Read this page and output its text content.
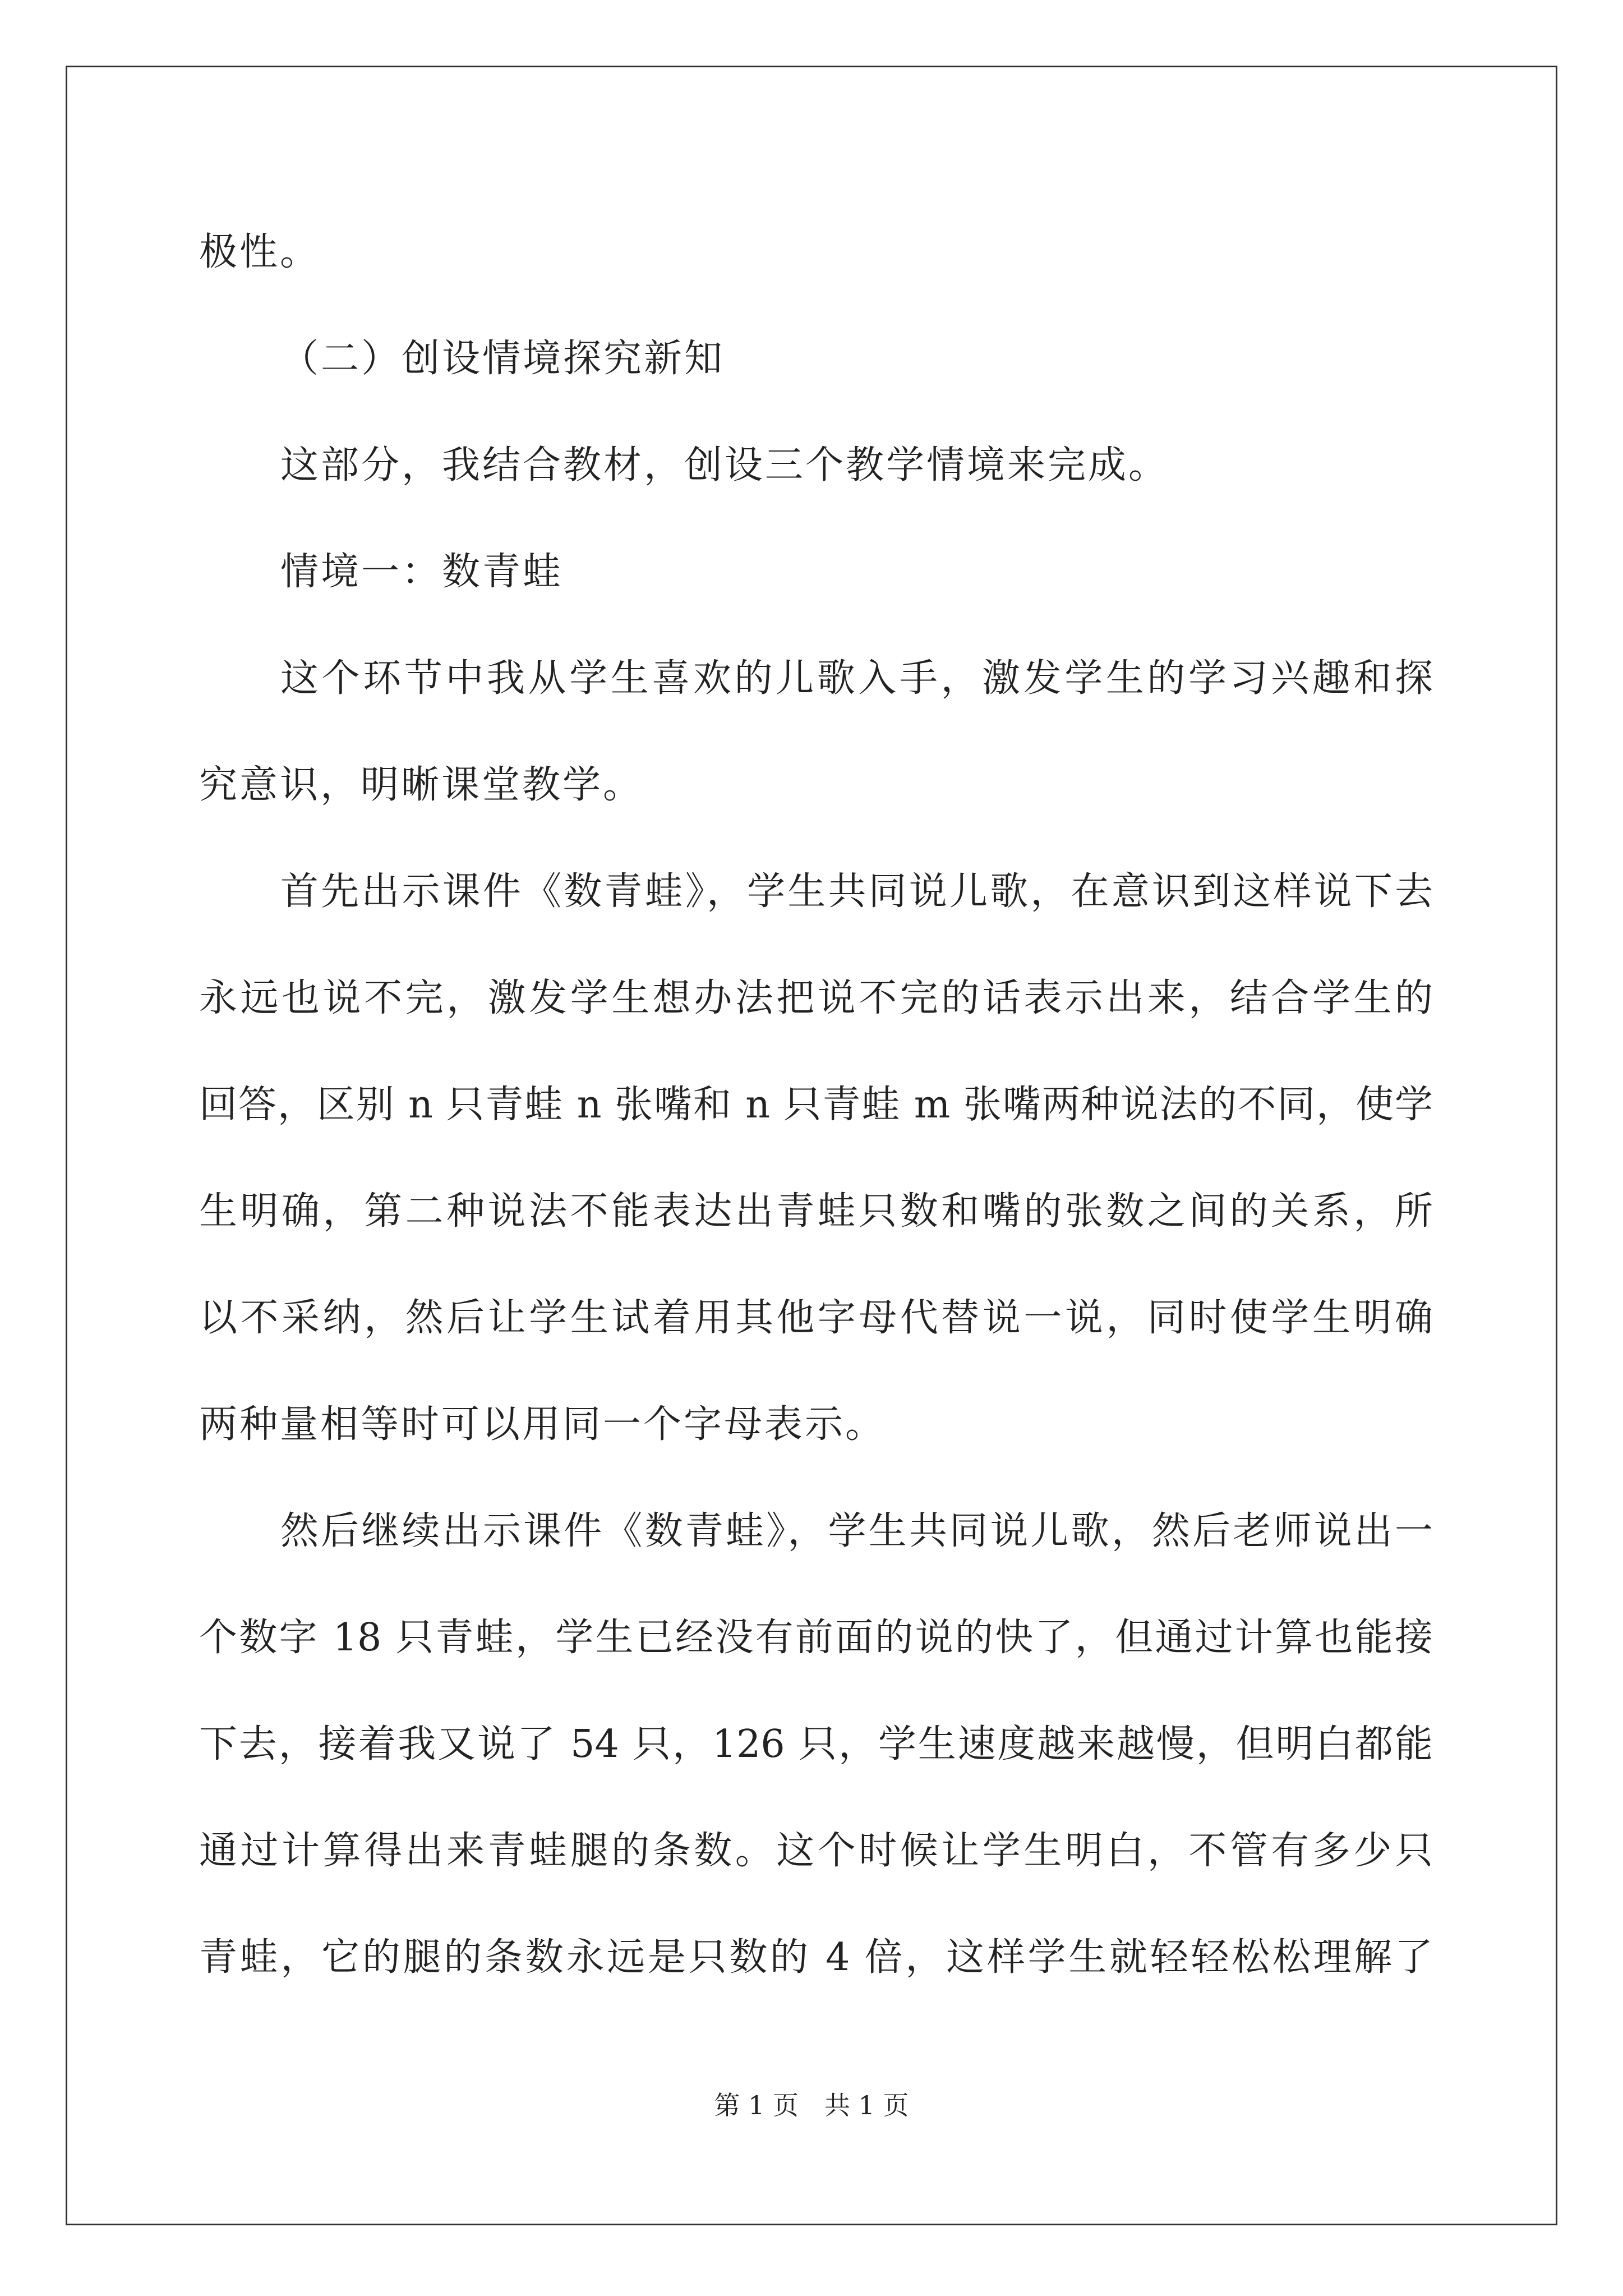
极性。
（二）创设情境探究新知
这部分，我结合教材，创设三个教学情境来完成。
情境一：数青蛙
这个环节中我从学生喜欢的儿歌入手，激发学生的学习兴趣和探
究意识，明晰课堂教学。
首先出示课件《数青蛙》，学生共同说儿歌，在意识到这样说下去
永远也说不完，激发学生想办法把说不完的话表示出来，结合学生的
回答，区别 n 只青蛙 n 张嘴和 n 只青蛙 m 张嘴两种说法的不同，使学
生明确，第二种说法不能表达出青蛙只数和嘴的张数之间的关系，所
以不采纳，然后让学生试着用其他字母代替说一说，同时使学生明确
两种量相等时可以用同一个字母表示。
然后继续出示课件《数青蛙》，学生共同说儿歌，然后老师说出一
个数字 18 只青蛙，学生已经没有前面的说的快了，但通过计算也能接
下去，接着我又说了 54 只，126 只，学生速度越来越慢，但明白都能
通过计算得出来青蛙腿的条数。这个时候让学生明白，不管有多少只
青蛙，它的腿的条数永远是只数的 4 倍，这样学生就轻轻松松理解了
第 1 页　共 1 页
